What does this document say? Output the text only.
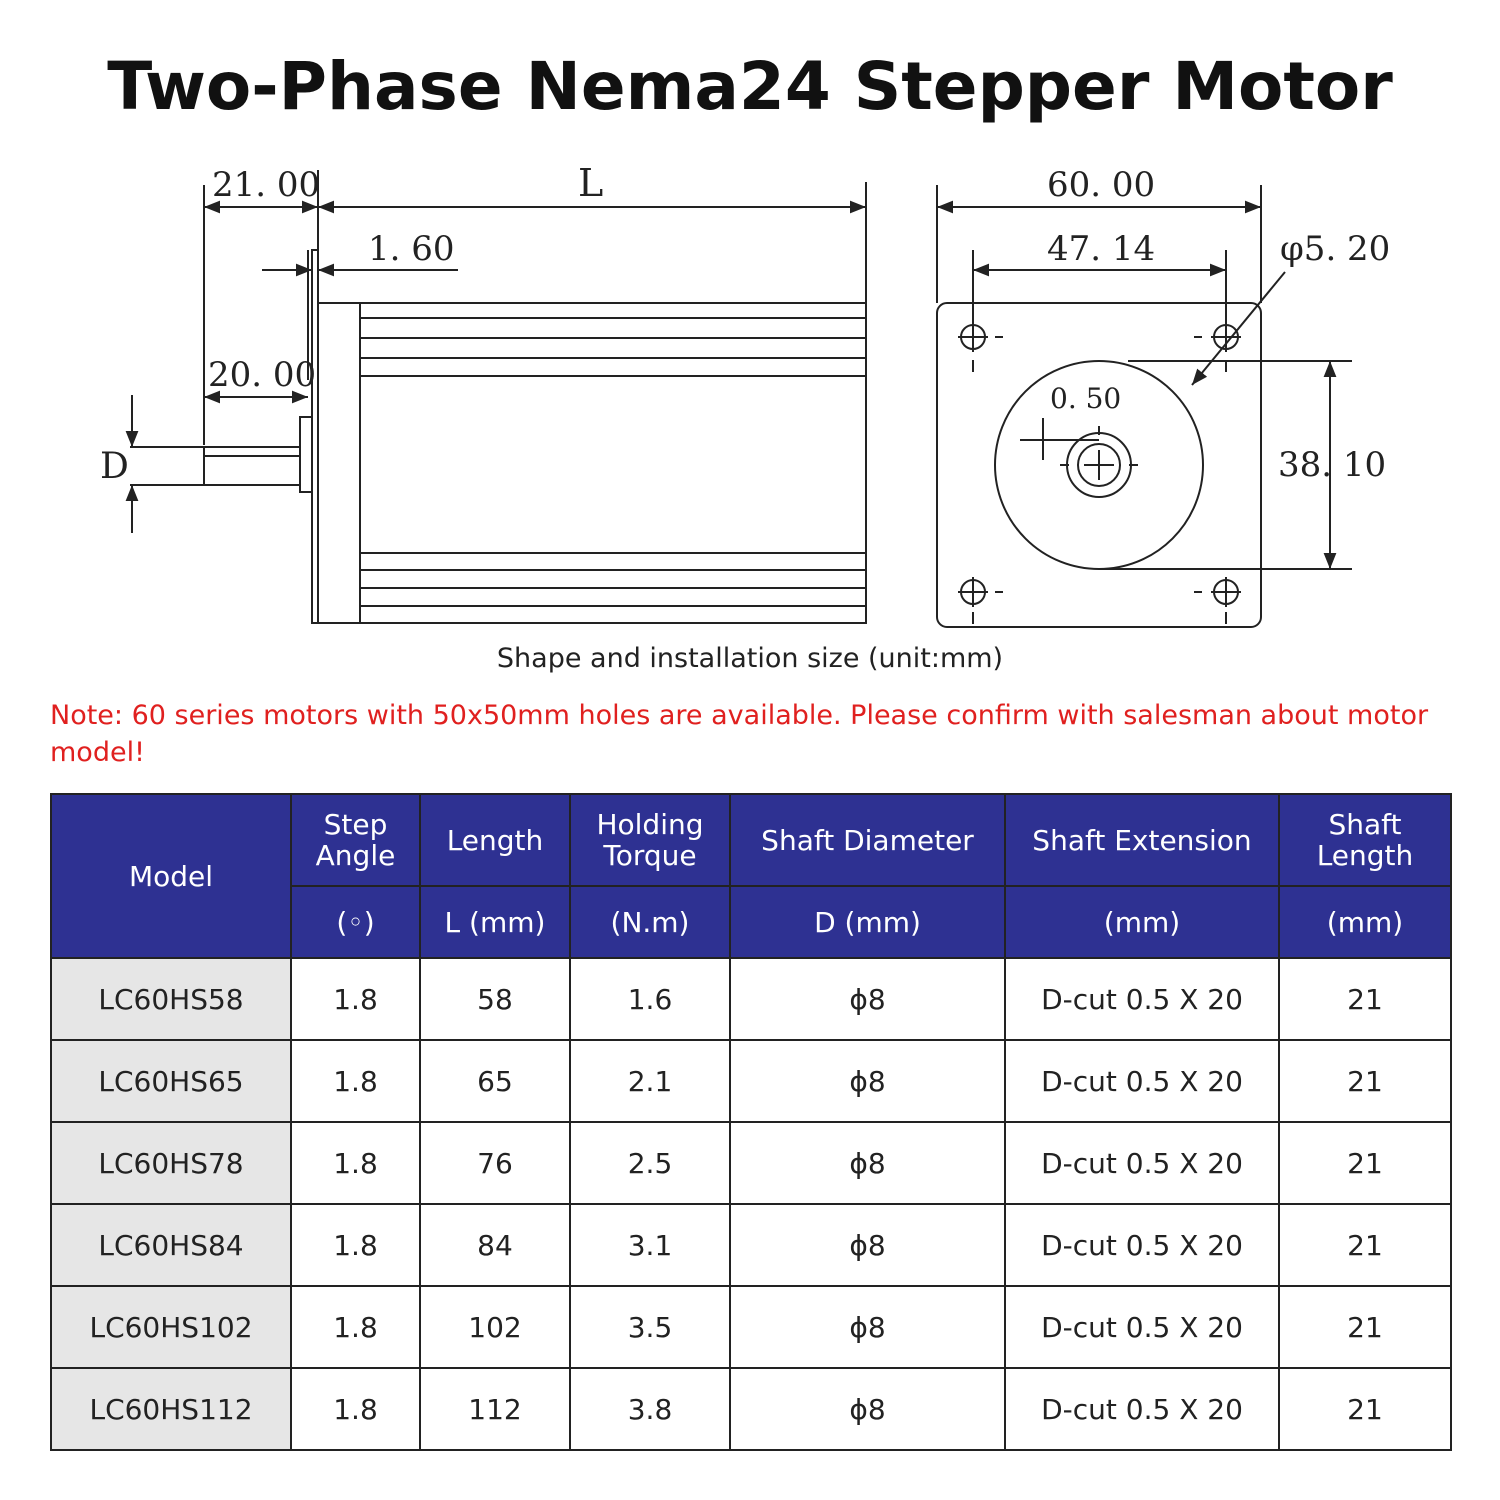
Two-Phase Nema24 Stepper Motor
21. 00	L
1. 60
20. 00
D
60. 00
47. 14	φ5. 20
0. 50
38. 10
Shape and installation size (unit:mm)
Note: 60 series motors with 50x50mm holes are available. Please confirm with salesman about motor model!
Model	Step Angle	Length	Holding Torque	Shaft Diameter	Shaft Extension	Shaft Length
	(◦)	L (mm)	(N.m)	D (mm)	(mm)	(mm)
LC60HS58	1.8	58	1.6	ϕ8	D-cut 0.5 X 20	21
LC60HS65	1.8	65	2.1	ϕ8	D-cut 0.5 X 20	21
LC60HS78	1.8	76	2.5	ϕ8	D-cut 0.5 X 20	21
LC60HS84	1.8	84	3.1	ϕ8	D-cut 0.5 X 20	21
LC60HS102	1.8	102	3.5	ϕ8	D-cut 0.5 X 20	21
LC60HS112	1.8	112	3.8	ϕ8	D-cut 0.5 X 20	21
